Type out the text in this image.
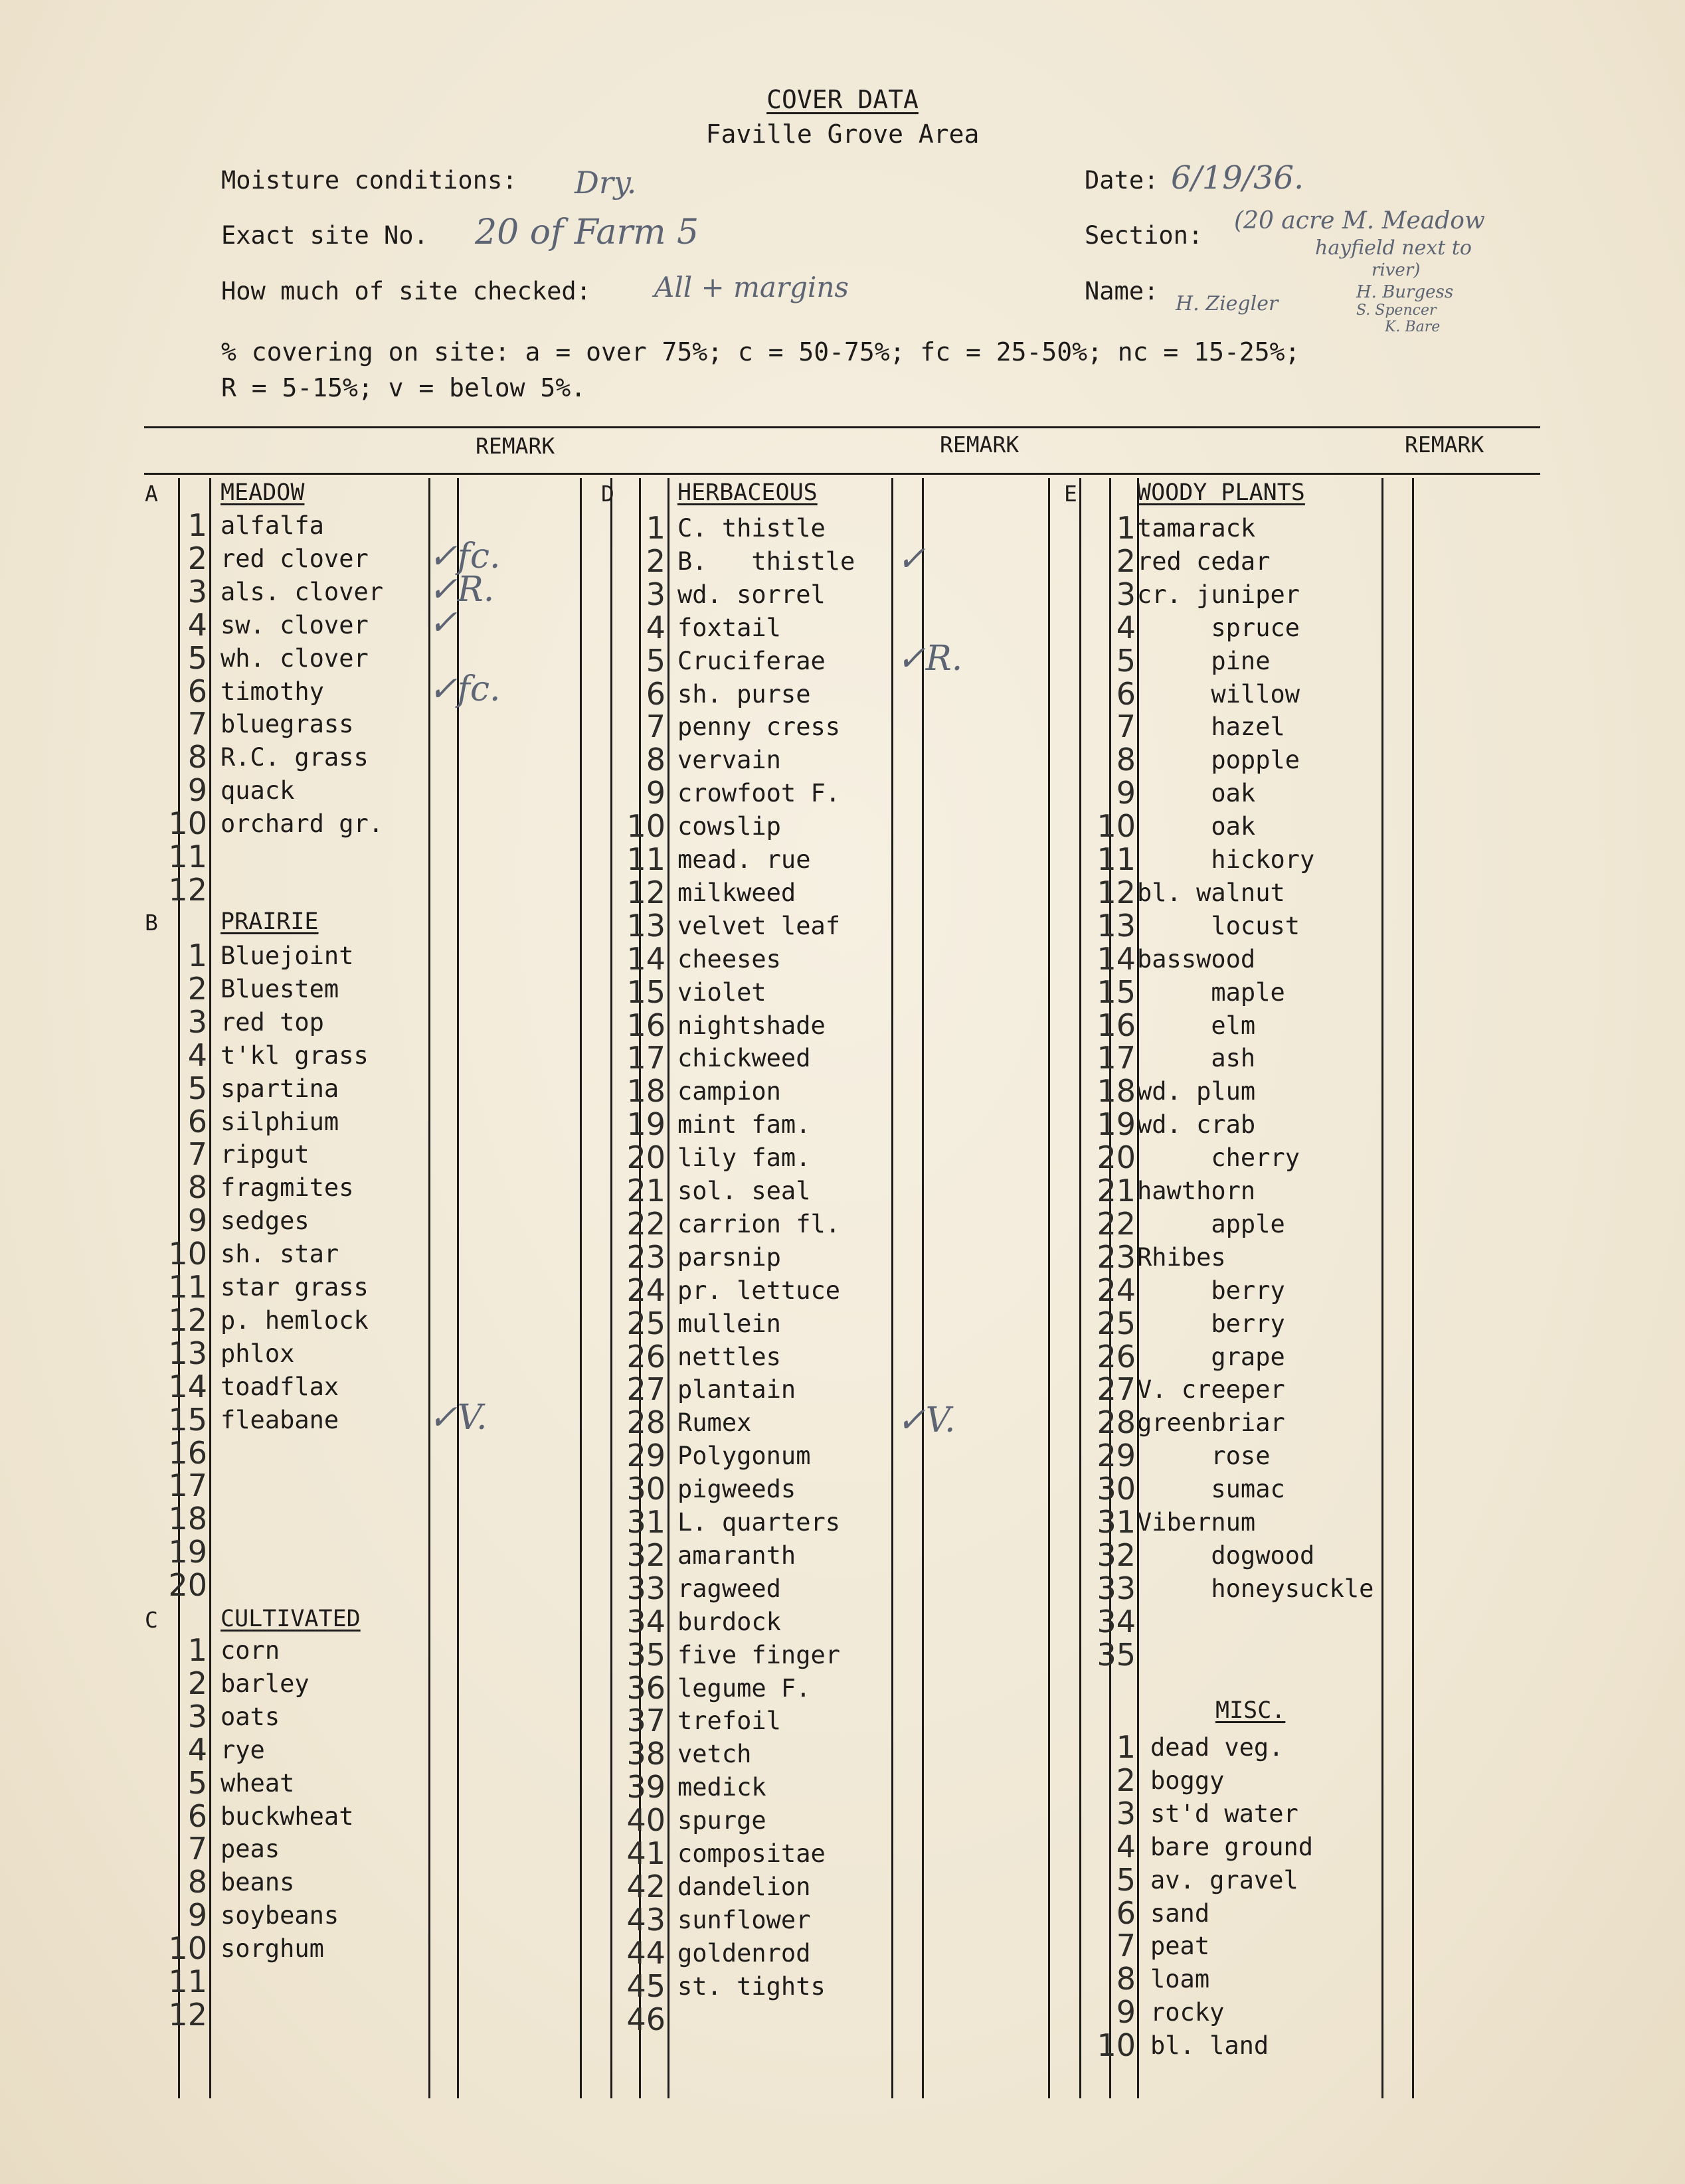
COVER DATA
Faville Grove Area
Moisture conditions: Dry.
Exact site No. 20 of Farm 5
How much of site checked: All + margins
Date: 6/19/36.
Section:
(20 acre M. Meadow
hayfield next to
river)
Name: H. Ziegler	H. Burgess
S. Spencer
K. Bare
% covering on site: a = over 75%; c = 50-75%; fc = 25-50%; nc = 15-25%;
R = 5-15%; v = below 5%.
REMARK	REMARK	REMARK
A	MEADOW
1 alfalfa
2 red clover ✓fc.
3 als. clover ✓R.
4 sw. clover ✓
5 wh. clover
6 timothy	✓fc.
7 bluegrass
8 R.C. grass
9 quack
10 orchard gr.
11
12
B	PRAIRIE
1 Bluejoint
2 Bluestem
3 red top
4 t'kl grass
5 spartina
6 silphium
7 ripgut
8 fragmites
9 sedges
10 sh. star
11 star grass
12 p. hemlock
13 phlox
14 toadflax
15 fleabane	✓V.
16
17
18
19
20
C	CULTIVATED
1 corn
2 barley
3 oats
4 rye
5 wheat
6 buckwheat
7 peas
8 beans
9 soybeans
10 sorghum
11
12
D	HERBACEOUS
1 C. thistle
2 B.   thistle ✓
3 wd. sorrel
4 foxtail
5 Cruciferae ✓R.
6 sh. purse
7 penny cress
8 vervain
9 crowfoot F.
10 cowslip
11 mead. rue
12 milkweed
13 velvet leaf
14 cheeses
15 violet
16 nightshade
17 chickweed
18 campion
19 mint fam.
20 lily fam.
21 sol. seal
22 carrion fl.
23 parsnip
24 pr. lettuce
25 mullein
26 nettles
27 plantain
28 Rumex	✓V.
29 Polygonum
30 pigweeds
31 L. quarters
32 amaranth
33 ragweed
34 burdock
35 five finger
36 legume F.
37 trefoil
38 vetch
39 medick
40 spurge
41 compositae
42 dandelion
43 sunflower
44 goldenrod
45 st. tights
46
E	WOODY PLANTS
1 tamarack
2 red cedar
3 cr. juniper
4 spruce
5 pine
6 willow
7 hazel
8 popple
9 oak
10 oak
11 hickory
12 bl. walnut
13 locust
14 basswood
15 maple
16 elm
17 ash
18 wd. plum
19 wd. crab
20 cherry
21 hawthorn
22 apple
23 Rhibes
24 berry
25 berry
26 grape
27 V. creeper
28 greenbriar
29 rose
30 sumac
31 Vibernum
32 dogwood
33 honeysuckle
34
35
MISC.
1 dead veg.
2 boggy
3 st'd water
4 bare ground
5 av. gravel
6 sand
7 peat
8 loam
9 rocky
10 bl. land
